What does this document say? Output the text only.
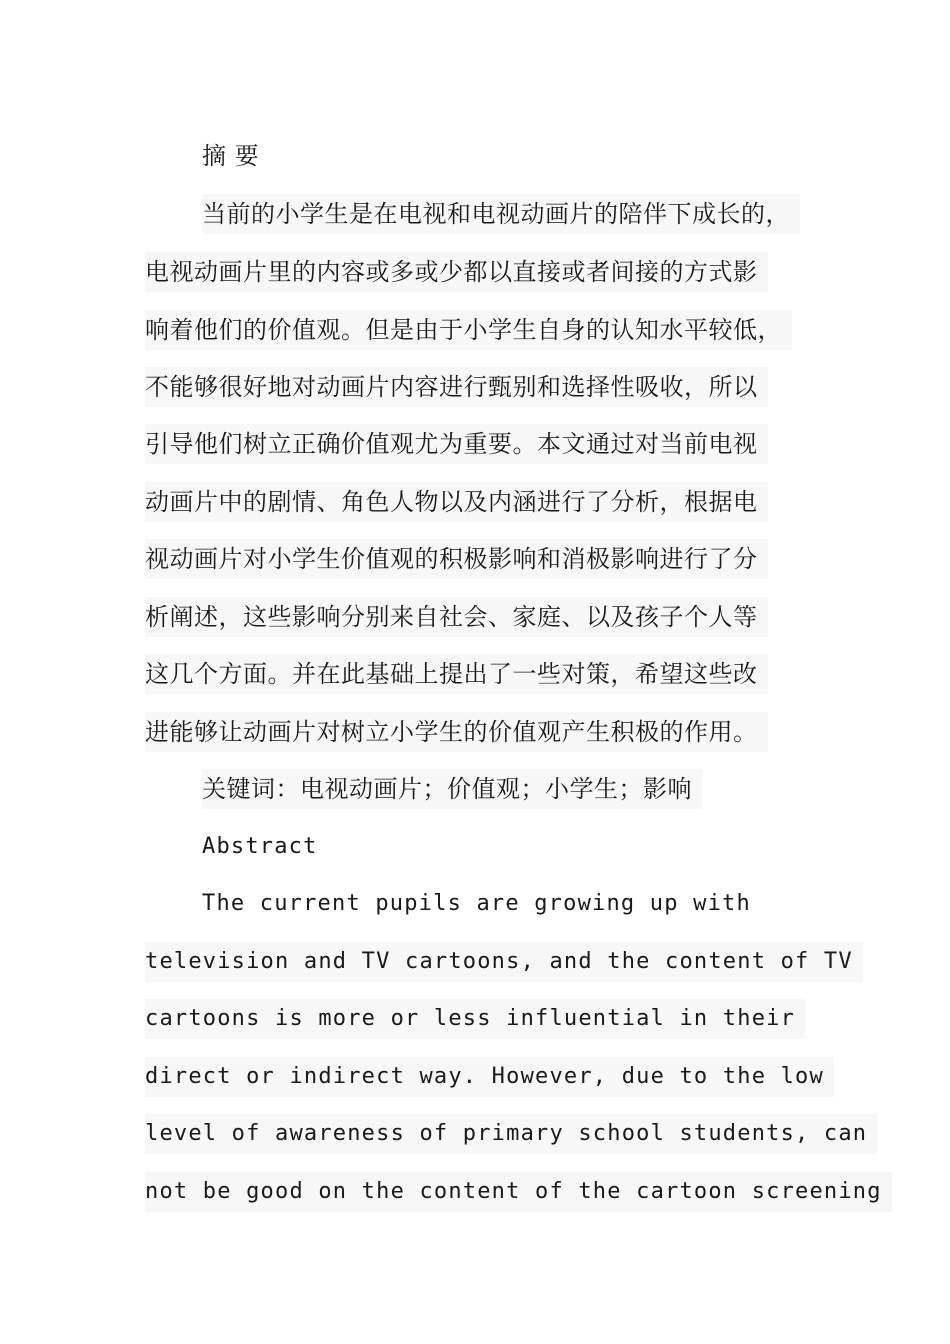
摘 要
当前的小学生是在电视和电视动画片的陪伴下成长的，
电视动画片里的内容或多或少都以直接或者间接的方式影
响着他们的价值观。但是由于小学生自身的认知水平较低，
不能够很好地对动画片内容进行甄别和选择性吸收，所以
引导他们树立正确价值观尤为重要。本文通过对当前电视
动画片中的剧情、角色人物以及内涵进行了分析，根据电
视动画片对小学生价值观的积极影响和消极影响进行了分
析阐述，这些影响分别来自社会、家庭、以及孩子个人等
这几个方面。并在此基础上提出了一些对策，希望这些改
进能够让动画片对树立小学生的价值观产生积极的作用。
关键词：电视动画片；价值观；小学生；影响
Abstract
The current pupils are growing up with
television and TV cartoons, and the content of TV
cartoons is more or less influential in their
direct or indirect way. However, due to the low
level of awareness of primary school students, can
not be good on the content of the cartoon screening
